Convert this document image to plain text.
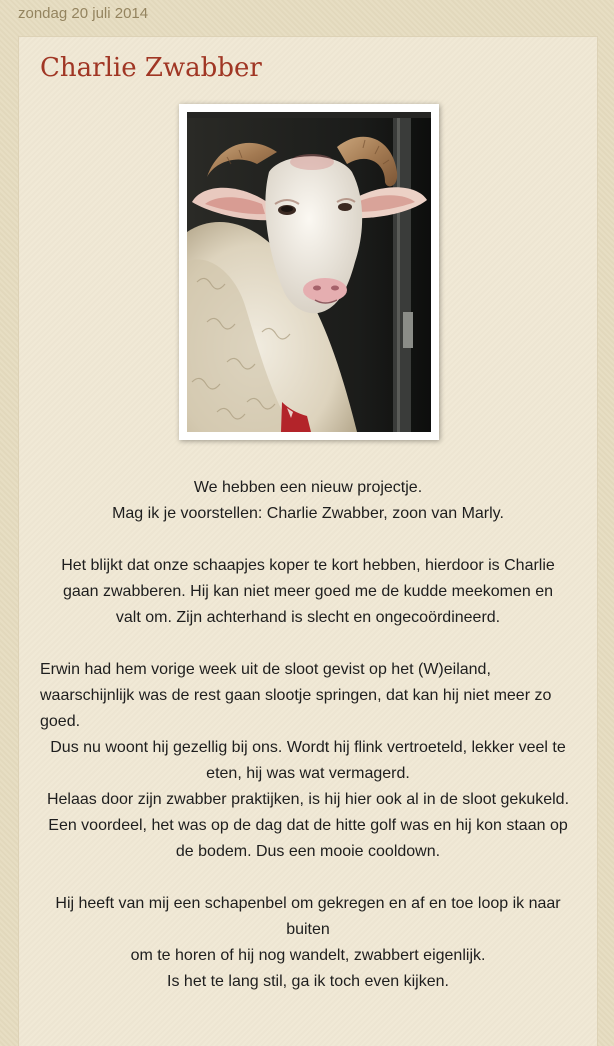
zondag 20 juli 2014
Charlie Zwabber

We hebben een nieuw projectje.

Mag ik je voorstellen: Charlie Zwabber, zoon van Marly.

Het blijkt dat onze schaapjes koper te kort hebben, hierdoor is Charlie gaan zwabberen. Hij kan niet meer goed me de kudde meekomen en valt om. Zijn achterhand is slecht en ongecoördineerd.

Erwin had hem vorige week uit de sloot gevist op het (W)eiland, waarschijnlijk was de rest gaan slootje springen, dat kan hij niet meer zo goed.

Dus nu woont hij gezellig bij ons. Wordt hij flink vertroeteld, lekker veel te eten, hij was wat vermagerd.

Helaas door zijn zwabber praktijken, is hij hier ook al in de sloot gekukeld. Een voordeel, het was op de dag dat de hitte golf was en hij kon staan op de bodem. Dus een mooie cooldown.

Hij heeft van mij een schapenbel om gekregen en af en toe loop ik naar buiten

om te horen of hij nog wandelt, zwabbert eigenlijk.

Is het te lang stil, ga ik toch even kijken.
